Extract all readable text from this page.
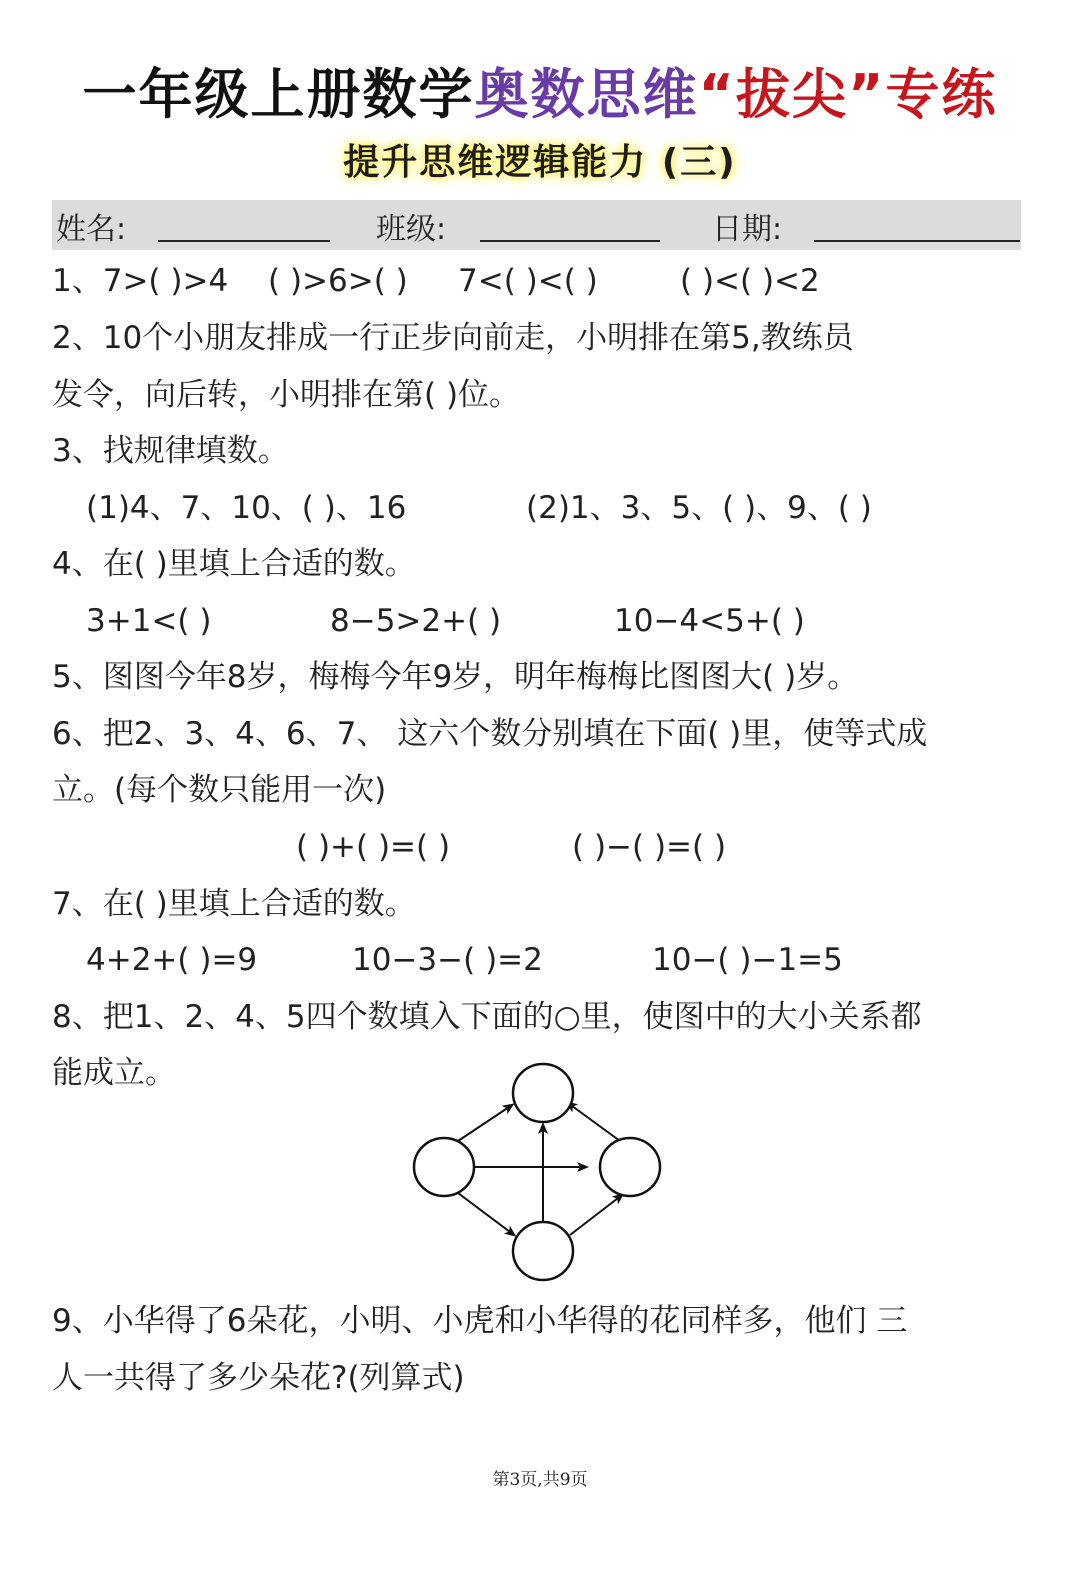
一年级上册数学奥数思维“拔尖”专练
提升思维逻辑能力 (三)
姓名:	班级:	日期:
1、7>( )>4 ( )>6>( ) 7<( )<( )	( )<( )<2
2、10个小朋友排成一行正步向前走，小明排在第5,教练员
发令，向后转，小明排在第( )位。
3、找规律填数。
(1)4、7、10、( )、16	(2)1、3、5、( )、9、( )
4、在( )里填上合适的数。
3+1<( )	8−5>2+( )	10−4<5+( )
5、图图今年8岁，梅梅今年9岁，明年梅梅比图图大( )岁。
6、把2、3、4、6、7、 这六个数分别填在下面( )里，使等式成
立。(每个数只能用一次)
( )+( )=( )	( )−( )=( )
7、在( )里填上合适的数。
4+2+( )=9	10−3−( )=2	10−( )−1=5
8、把1、2、4、5四个数填入下面的○里，使图中的大小关系都
能成立。
9、小华得了6朵花，小明、小虎和小华得的花同样多，他们 三
人一共得了多少朵花?(列算式)
第3页,共9页
